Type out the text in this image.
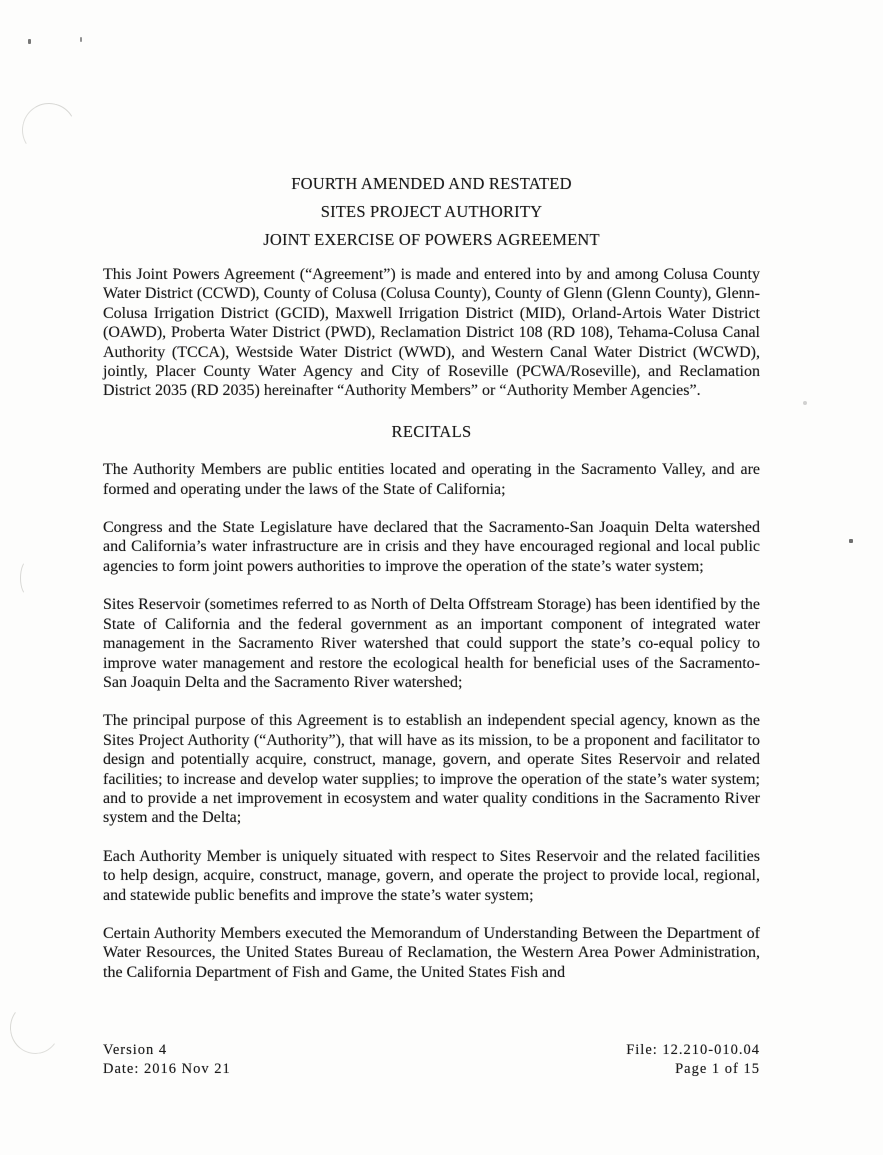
FOURTH AMENDED AND RESTATED
SITES PROJECT AUTHORITY
JOINT EXERCISE OF POWERS AGREEMENT

This Joint Powers Agreement (“Agreement”) is made and entered into by and among Colusa County Water District (CCWD), County of Colusa (Colusa County), County of Glenn (Glenn County), Glenn-Colusa Irrigation District (GCID), Maxwell Irrigation District (MID), Orland-Artois Water District (OAWD), Proberta Water District (PWD), Reclamation District 108 (RD 108), Tehama-Colusa Canal Authority (TCCA), Westside Water District (WWD), and Western Canal Water District (WCWD), jointly, Placer County Water Agency and City of Roseville (PCWA/Roseville), and Reclamation District 2035 (RD 2035) hereinafter “Authority Members” or “Authority Member Agencies”.

RECITALS

The Authority Members are public entities located and operating in the Sacramento Valley, and are formed and operating under the laws of the State of California;

Congress and the State Legislature have declared that the Sacramento-San Joaquin Delta watershed and California’s water infrastructure are in crisis and they have encouraged regional and local public agencies to form joint powers authorities to improve the operation of the state’s water system;

Sites Reservoir (sometimes referred to as North of Delta Offstream Storage) has been identified by the State of California and the federal government as an important component of integrated water management in the Sacramento River watershed that could support the state’s co-equal policy to improve water management and restore the ecological health for beneficial uses of the Sacramento-San Joaquin Delta and the Sacramento River watershed;

The principal purpose of this Agreement is to establish an independent special agency, known as the Sites Project Authority (“Authority”), that will have as its mission, to be a proponent and facilitator to design and potentially acquire, construct, manage, govern, and operate Sites Reservoir and related facilities; to increase and develop water supplies; to improve the operation of the state’s water system; and to provide a net improvement in ecosystem and water quality conditions in the Sacramento River system and the Delta;

Each Authority Member is uniquely situated with respect to Sites Reservoir and the related facilities to help design, acquire, construct, manage, govern, and operate the project to provide local, regional, and statewide public benefits and improve the state’s water system;

Certain Authority Members executed the Memorandum of Understanding Between the Department of Water Resources, the United States Bureau of Reclamation, the Western Area Power Administration, the California Department of Fish and Game, the United States Fish and

Version 4
Date: 2016 Nov 21
File: 12.210-010.04
Page 1 of 15
